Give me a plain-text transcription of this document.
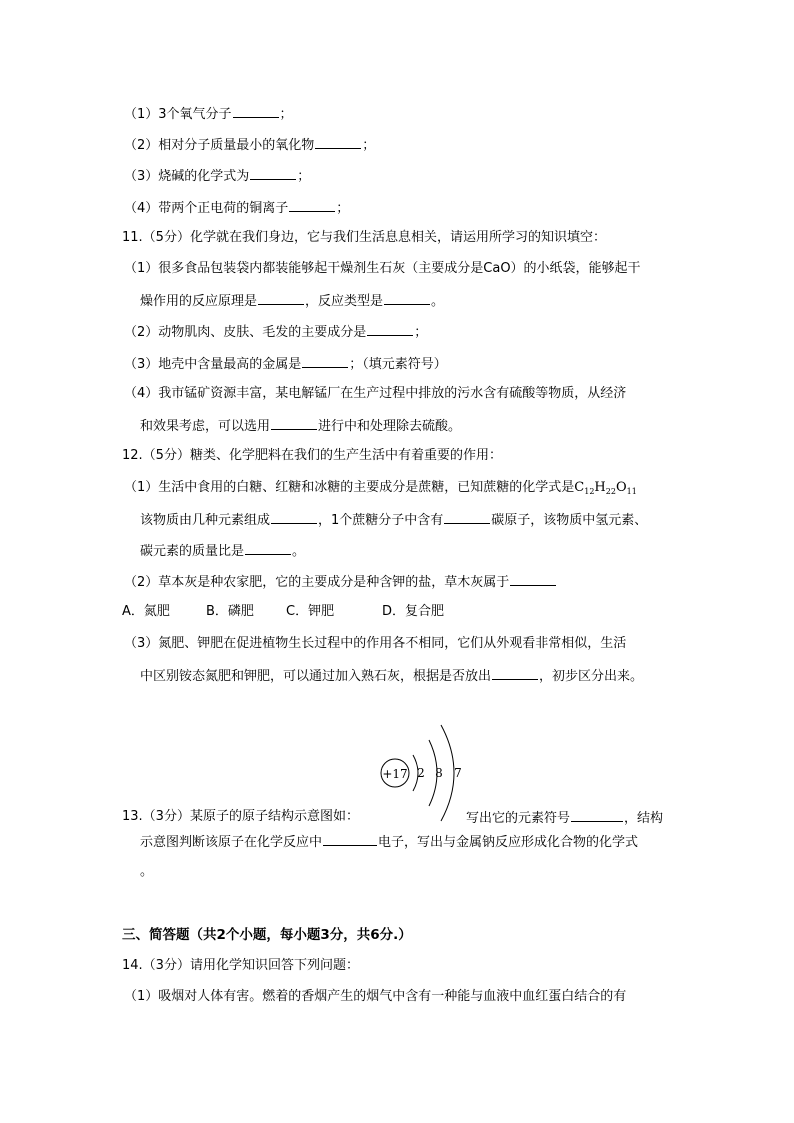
（1）3个氧气分子	；
（2）相对分子质量最小的氧化物	；
（3）烧碱的化学式为	；
（4）带两个正电荷的铜离子	；
11.（5分）化学就在我们身边，它与我们生活息息相关，请运用所学习的知识填空：
（1）很多食品包装袋内都装能够起干燥剂生石灰（主要成分是CaO）的小纸袋，能够起干
燥作用的反应原理是	，反应类型是	。
（2）动物肌肉、皮肤、毛发的主要成分是	；
（3）地壳中含量最高的金属是	；（填元素符号）
（4）我市锰矿资源丰富，某电解锰厂在生产过程中排放的污水含有硫酸等物质，从经济
和效果考虑，可以选用	进行中和处理除去硫酸。
12.（5分）糖类、化学肥料在我们的生产生活中有着重要的作用：
（1）生活中食用的白糖、红糖和冰糖的主要成分是蔗糖，已知蔗糖的化学式是$C_{12}H_{22}O_{11}$
该物质由几种元素组成	，1个蔗糖分子中含有	碳原子，该物质中氢元素、
碳元素的质量比是	。
（2）草本灰是种农家肥，它的主要成分是种含钾的盐，草木灰属于
A．氮肥	B．磷肥 C．钾肥	D．复合肥
（3）氮肥、钾肥在促进植物生长过程中的作用各不相同，它们从外观看非常相似，生活
中区别铵态氮肥和钾肥，可以通过加入熟石灰，根据是否放出	，初步区分出来。
+17 2 8 7
13.（3分）某原子的原子结构示意图如：	写出它的元素符号	，结构
示意图判断该原子在化学反应中	电子，写出与金属钠反应形成化合物的化学式
。
三、简答题（共2个小题，每小题3分，共6分.）
14.（3分）请用化学知识回答下列问题：
（1）吸烟对人体有害。燃着的香烟产生的烟气中含有一种能与血液中血红蛋白结合的有
